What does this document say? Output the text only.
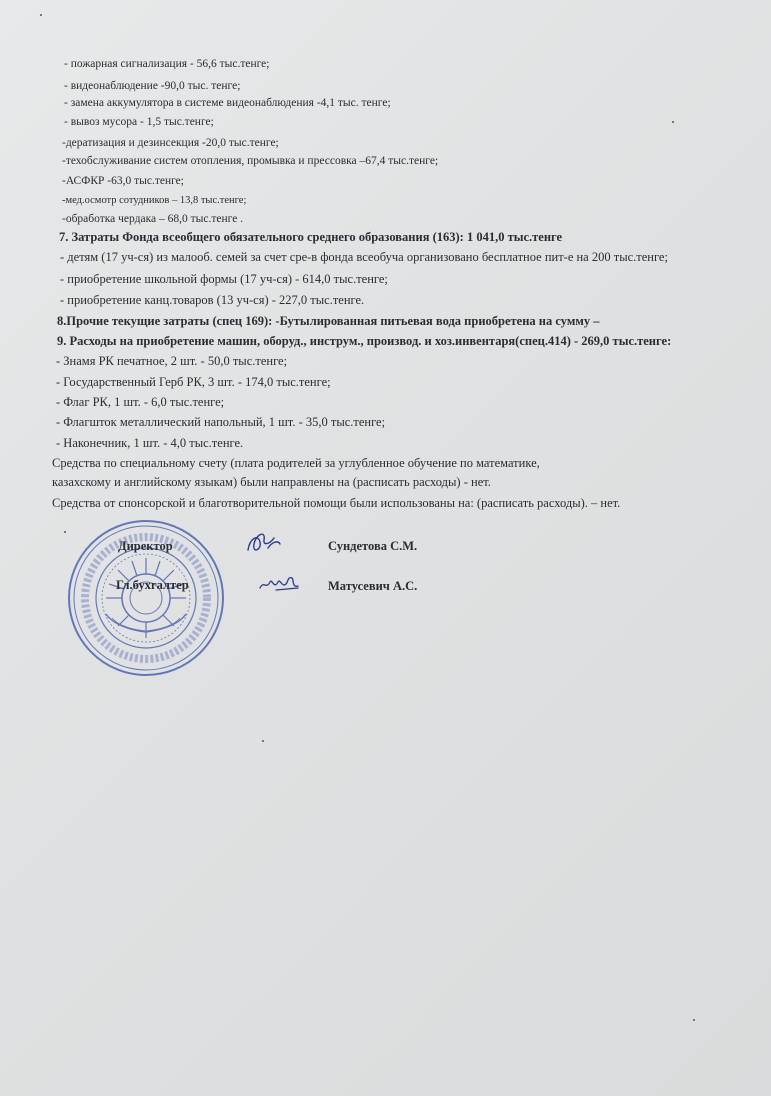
- пожарная сигнализация - 56,6 тыс.тенге;
- видеонаблюдение -90,0 тыс. тенге;
- замена аккумулятора в системе видеонаблюдения -4,1 тыс. тенге;
- вывоз мусора - 1,5 тыс.тенге;
-дератизация и дезинсекция -20,0 тыс.тенге;
-техобслуживание систем отопления, промывка и прессовка –67,4 тыс.тенге;
-АСФКР -63,0 тыс.тенге;
-мед.осмотр сотудников – 13,8 тыс.тенге;
-обработка чердака – 68,0 тыс.тенге .
7. Затраты Фонда всеобщего обязательного среднего образования (163): 1 041,0 тыс.тенге
- детям (17 уч-ся) из малооб. семей за счет сре-в фонда всеобуча организовано бесплатное пит-е на 200 тыс.тенге;
- приобретение школьной формы (17 уч-ся) - 614,0 тыс.тенге;
- приобретение канц.товаров (13 уч-ся) - 227,0 тыс.тенге.
8.Прочие текущие затраты (спец 169): -Бутылированная питьевая вода приобретена на сумму –
9. Расходы на приобретение машин, оборуд., инструм., производ. и хоз.инвентаря(спец.414) - 269,0 тыс.тенге:
- Знамя РК печатное, 2 шт. - 50,0 тыс.тенге;
- Государственный Герб РК, 3 шт. - 174,0 тыс.тенге;
- Флаг РК, 1 шт. - 6,0 тыс.тенге;
- Флагшток металлический напольный, 1 шт. - 35,0 тыс.тенге;
- Наконечник, 1 шт. - 4,0 тыс.тенге.
Средства по специальному счету (плата родителей за углубленное обучение по математике,
казахскому и английскому языкам) были направлены на (расписать расходы) - нет.
Средства от спонсорской и благотворительной помощи были использованы на: (расписать расходы). – нет.
Директор
Гл.бухгалтер
Сундетова С.М.
Матусевич А.С.
